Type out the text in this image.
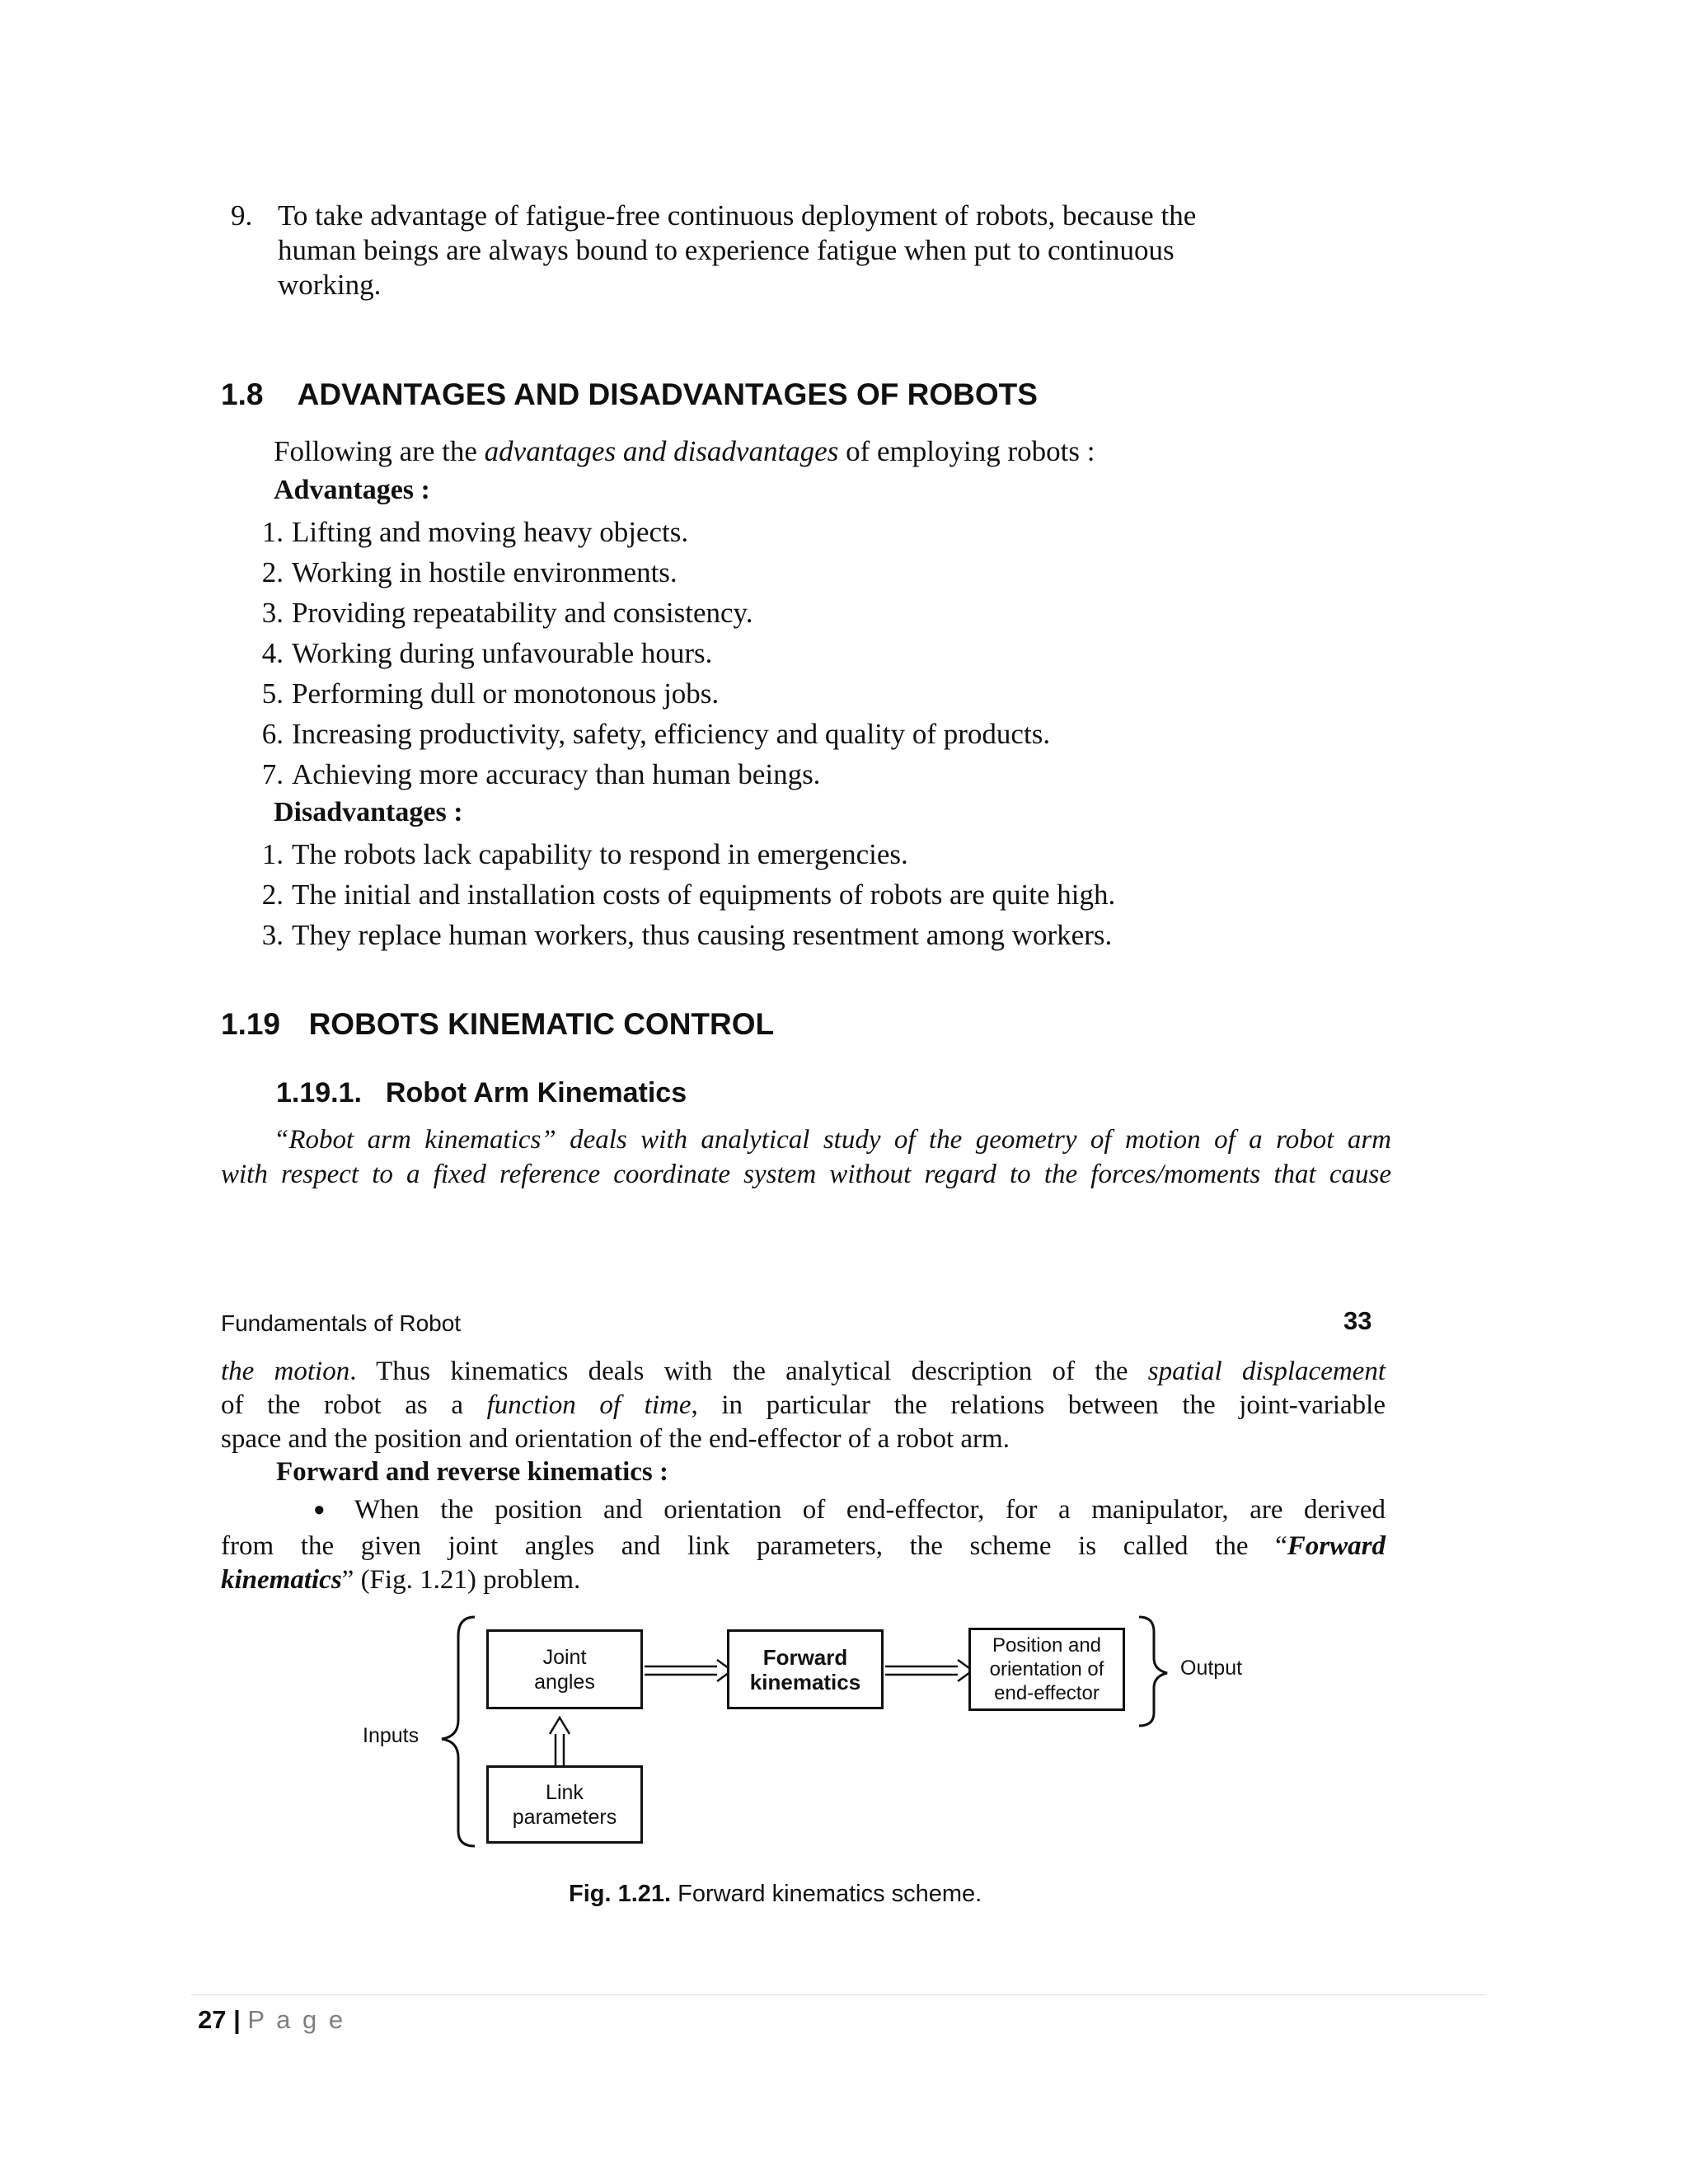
9. To take advantage of fatigue-free continuous deployment of robots, because the
human beings are always bound to experience fatigue when put to continuous
working.
1.8 ADVANTAGES AND DISADVANTAGES OF ROBOTS
Following are the advantages and disadvantages of employing robots :
Advantages :
1. Lifting and moving heavy objects.
2. Working in hostile environments.
3. Providing repeatability and consistency.
4. Working during unfavourable hours.
5. Performing dull or monotonous jobs.
6. Increasing productivity, safety, efficiency and quality of products.
7. Achieving more accuracy than human beings.
Disadvantages :
1. The robots lack capability to respond in emergencies.
2. The initial and installation costs of equipments of robots are quite high.
3. They replace human workers, thus causing resentment among workers.
1.19 ROBOTS KINEMATIC CONTROL
1.19.1. Robot Arm Kinematics
“Robot arm kinematics” deals with analytical study of the geometry of motion of a robot arm
with respect to a fixed reference coordinate system without regard to the forces/moments that cause
Fundamentals of Robot	33
the motion. Thus kinematics deals with the analytical description of the spatial displacement
of the robot as a function of time, in particular the relations between the joint-variable
space and the position and orientation of the end-effector of a robot arm.
Forward and reverse kinematics :
● When the position and orientation of end-effector, for a manipulator, are derived
from the given joint angles and link parameters, the scheme is called the “Forward
kinematics” (Fig. 1.21) problem.
Joint
angles
Forward
kinematics
Position and
orientation of
end-effector
Link
parameters
Inputs
Output
Fig. 1.21. Forward kinematics scheme.
27 | P a g e
